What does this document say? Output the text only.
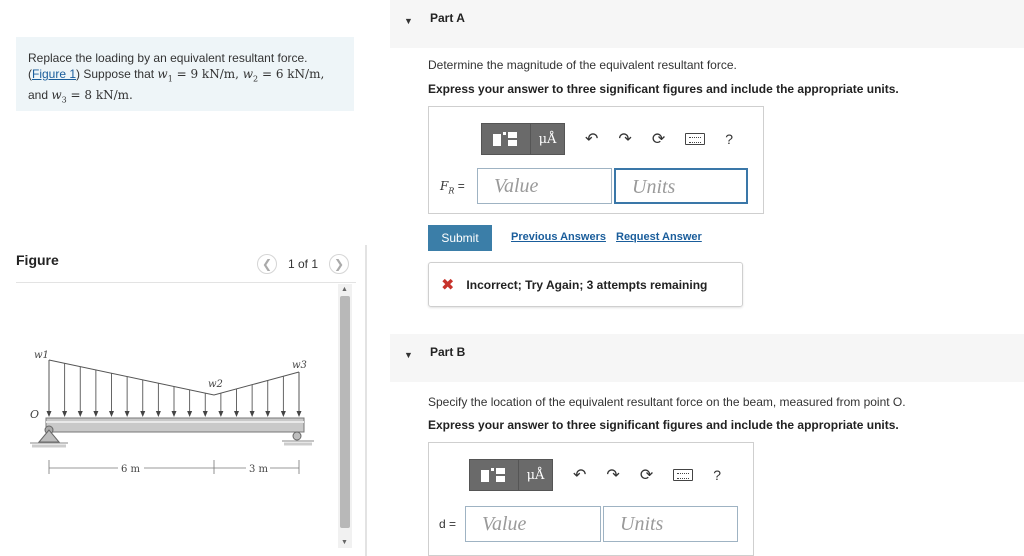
Replace the loading by an equivalent resultant force.
(Figure 1) Suppose that $w_1 = 9$ kN/m, $w_2 = 6$ kN/m,
and $w_3 = 8$ kN/m.
Figure	❮	1 of 1	❯
w1
w2
w3
O
6 m	3 m
▲
▼
▼ Part A
Determine the magnitude of the equivalent resultant force.
Express your answer to three significant figures and include the appropriate units.
μÅ	↶ ↷ ⟳	?
$F_R$ =	Value	Units
Submit	Previous Answers Request Answer
✖ Incorrect; Try Again; 3 attempts remaining
▼ Part B
Specify the location of the equivalent resultant force on the beam, measured from point O.
Express your answer to three significant figures and include the appropriate units.
μÅ	↶ ↷ ⟳	?
d =	Value	Units
